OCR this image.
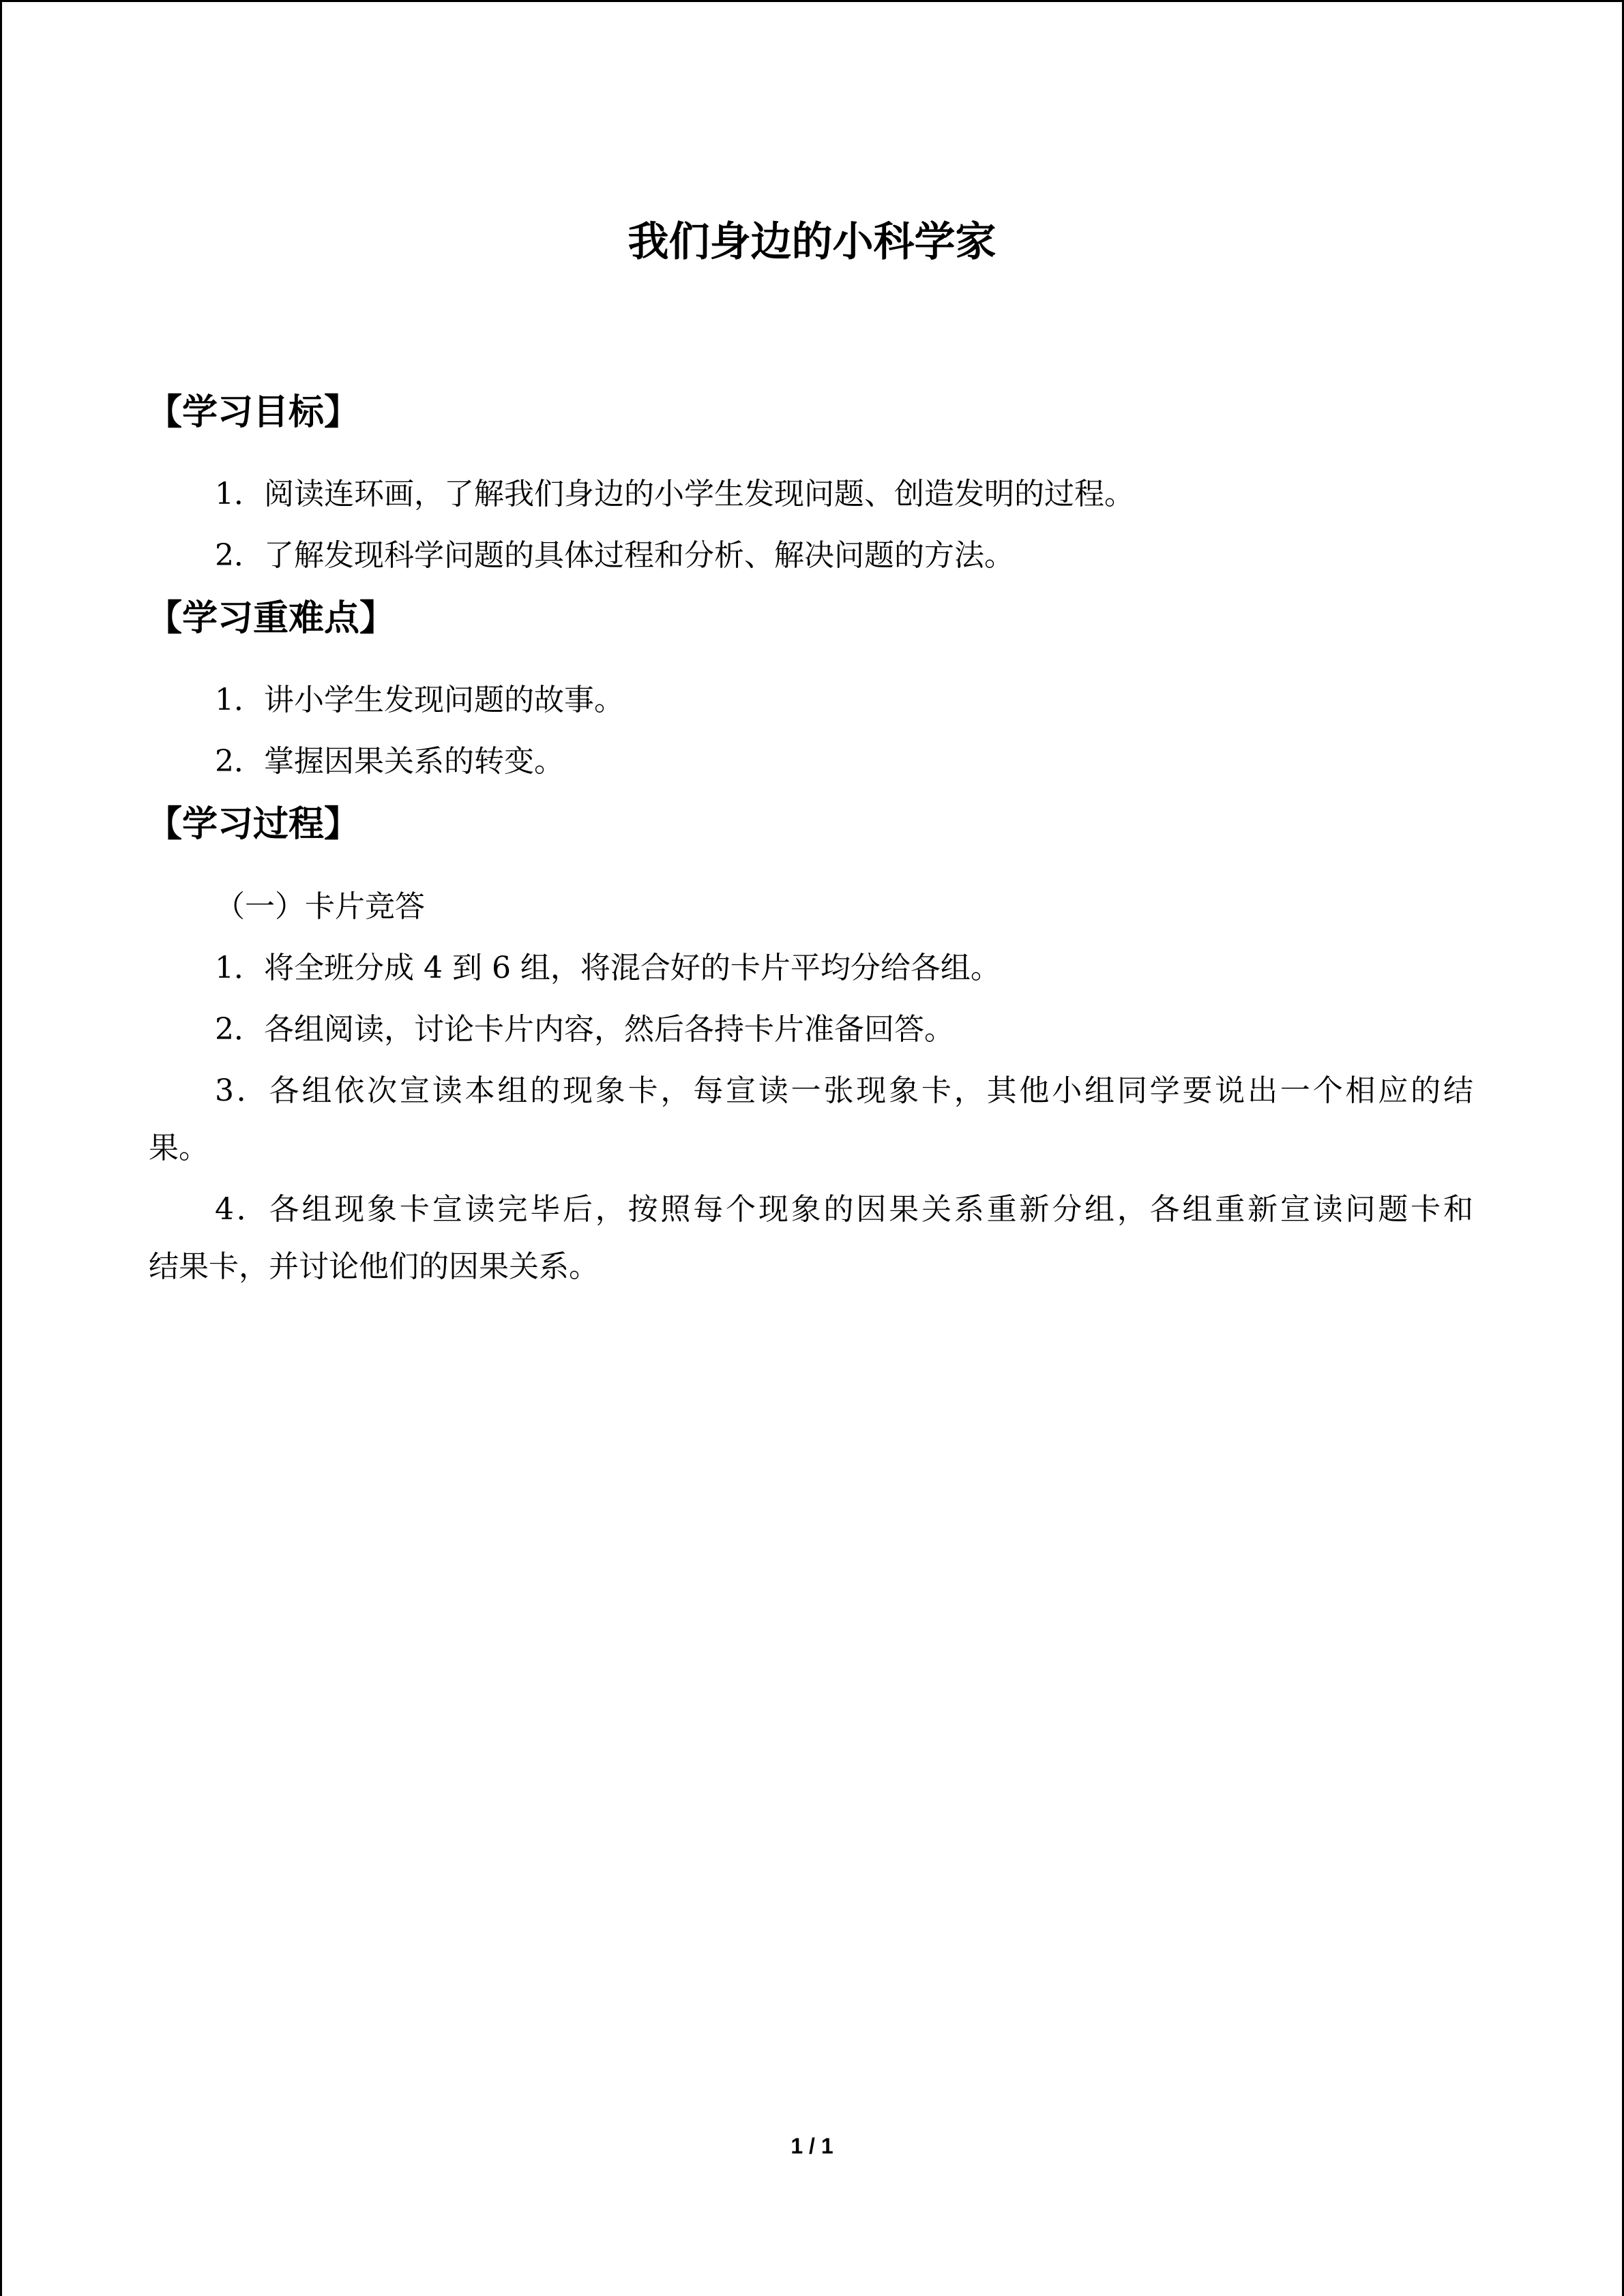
我们身边的小科学家
【学习目标】
1．阅读连环画，了解我们身边的小学生发现问题、创造发明的过程。
2．了解发现科学问题的具体过程和分析、解决问题的方法。
【学习重难点】
1．讲小学生发现问题的故事。
2．掌握因果关系的转变。
【学习过程】
（一）卡片竞答
1．将全班分成 4 到 6 组，将混合好的卡片平均分给各组。
2．各组阅读，讨论卡片内容，然后各持卡片准备回答。
3．各组依次宣读本组的现象卡，每宣读一张现象卡，其他小组同学要说出一个相应的结
果。
4．各组现象卡宣读完毕后，按照每个现象的因果关系重新分组，各组重新宣读问题卡和
结果卡，并讨论他们的因果关系。
1 / 1
